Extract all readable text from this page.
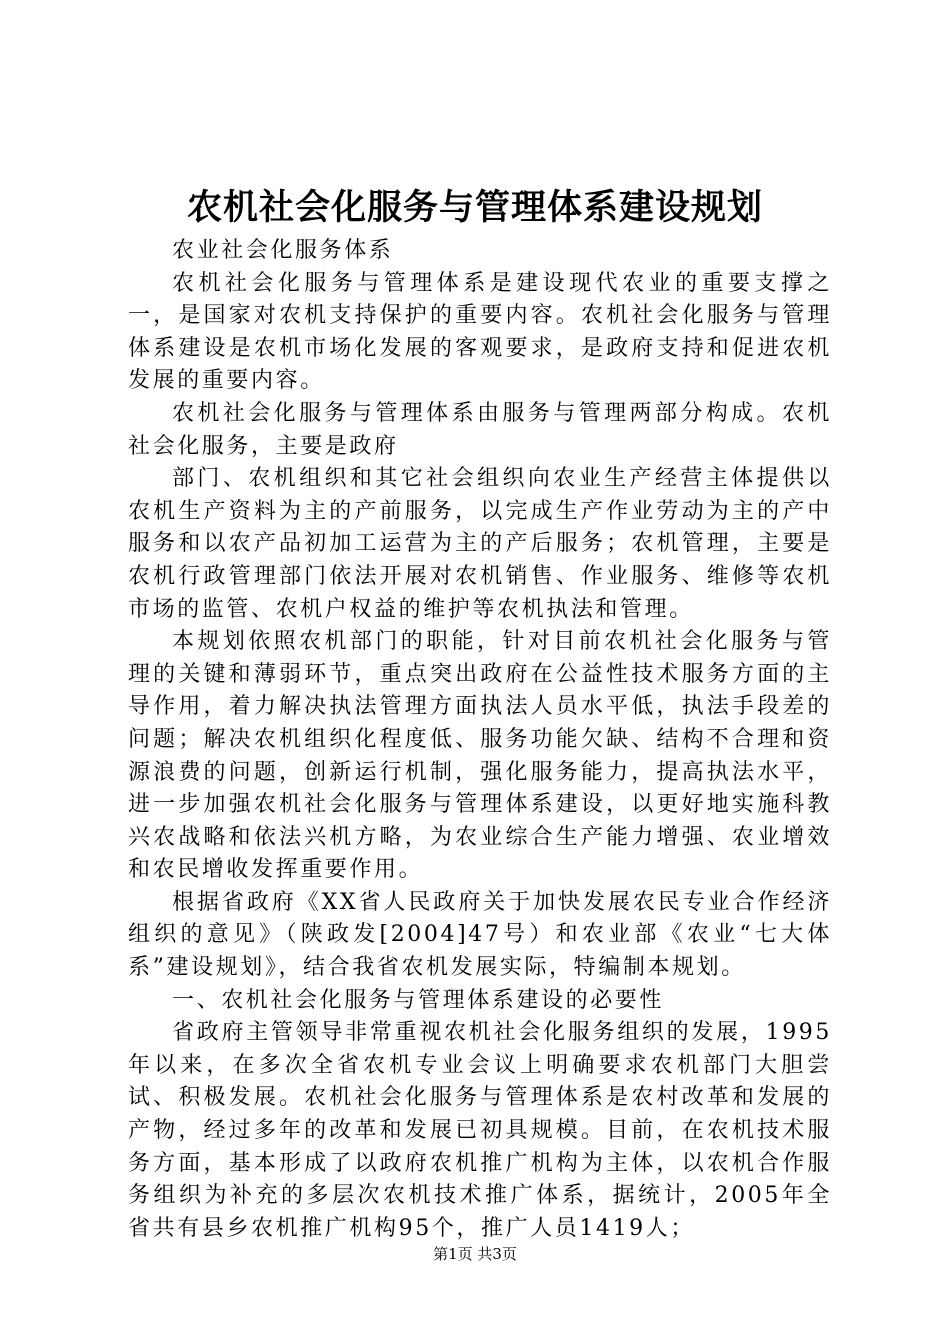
农机社会化服务与管理体系建设规划

农业社会化服务体系

农机社会化服务与管理体系是建设现代农业的重要支撑之一，是国家对农机支持保护的重要内容。农机社会化服务与管理体系建设是农机市场化发展的客观要求，是政府支持和促进农机发展的重要内容。

农机社会化服务与管理体系由服务与管理两部分构成。农机社会化服务，主要是政府

部门、农机组织和其它社会组织向农业生产经营主体提供以农机生产资料为主的产前服务，以完成生产作业劳动为主的产中服务和以农产品初加工运营为主的产后服务；农机管理，主要是农机行政管理部门依法开展对农机销售、作业服务、维修等农机市场的监管、农机户权益的维护等农机执法和管理。

本规划依照农机部门的职能，针对目前农机社会化服务与管理的关键和薄弱环节，重点突出政府在公益性技术服务方面的主导作用，着力解决执法管理方面执法人员水平低，执法手段差的问题；解决农机组织化程度低、服务功能欠缺、结构不合理和资源浪费的问题，创新运行机制，强化服务能力，提高执法水平，进一步加强农机社会化服务与管理体系建设，以更好地实施科教兴农战略和依法兴机方略，为农业综合生产能力增强、农业增效和农民增收发挥重要作用。

根据省政府《XX省人民政府关于加快发展农民专业合作经济组织的意见》（陕政发[2004]47号）和农业部《农业“七大体系”建设规划》，结合我省农机发展实际，特编制本规划。

一、农机社会化服务与管理体系建设的必要性

省政府主管领导非常重视农机社会化服务组织的发展，1995年以来，在多次全省农机专业会议上明确要求农机部门大胆尝试、积极发展。农机社会化服务与管理体系是农村改革和发展的产物，经过多年的改革和发展已初具规模。目前，在农机技术服务方面，基本形成了以政府农机推广机构为主体，以农机合作服务组织为补充的多层次农机技术推广体系，据统计，2005年全省共有县乡农机推广机构95个，推广人员1419人；

第1页 共3页
